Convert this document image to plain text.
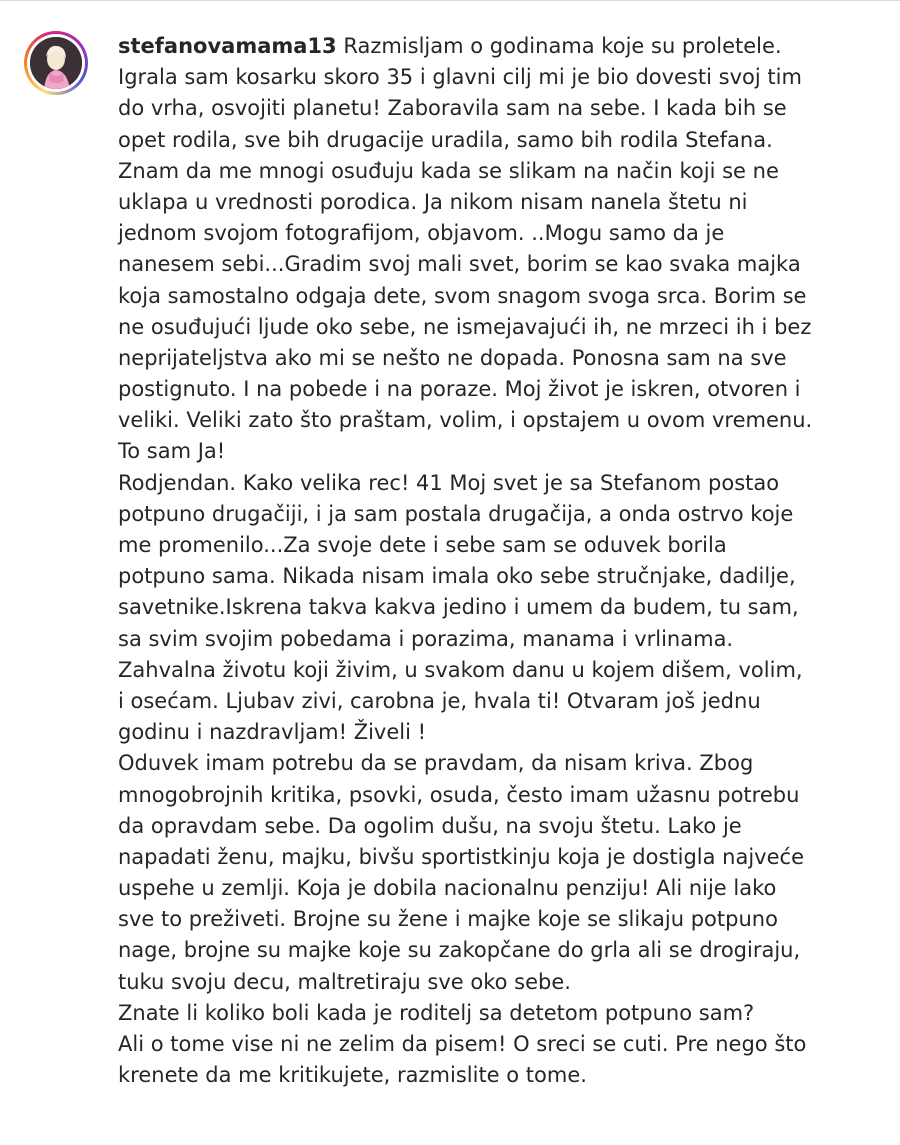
stefanovamama13 Razmisljam o godinama koje su proletele.
Igrala sam kosarku skoro 35 i glavni cilj mi je bio dovesti svoj tim
do vrha, osvojiti planetu! Zaboravila sam na sebe. I kada bih se
opet rodila, sve bih drugacije uradila, samo bih rodila Stefana.
Znam da me mnogi osuđuju kada se slikam na način koji se ne
uklapa u vrednosti porodica. Ja nikom nisam nanela štetu ni
jednom svojom fotografijom, objavom. ..Mogu samo da je
nanesem sebi...Gradim svoj mali svet, borim se kao svaka majka
koja samostalno odgaja dete, svom snagom svoga srca. Borim se
ne osuđujući ljude oko sebe, ne ismejavajući ih, ne mrzeci ih i bez
neprijateljstva ako mi se nešto ne dopada. Ponosna sam na sve
postignuto. I na pobede i na poraze. Moj život je iskren, otvoren i
veliki. Veliki zato što praštam, volim, i opstajem u ovom vremenu.
To sam Ja!
Rodjendan. Kako velika rec! 41 Moj svet je sa Stefanom postao
potpuno drugačiji, i ja sam postala drugačija, a onda ostrvo koje
me promenilo...Za svoje dete i sebe sam se oduvek borila
potpuno sama. Nikada nisam imala oko sebe stručnjake, dadilje,
savetnike.Iskrena takva kakva jedino i umem da budem, tu sam,
sa svim svojim pobedama i porazima, manama i vrlinama.
Zahvalna životu koji živim, u svakom danu u kojem dišem, volim,
i osećam. Ljubav zivi, carobna je, hvala ti! Otvaram još jednu
godinu i nazdravljam! Živeli !
Oduvek imam potrebu da se pravdam, da nisam kriva. Zbog
mnogobrojnih kritika, psovki, osuda, često imam užasnu potrebu
da opravdam sebe. Da ogolim dušu, na svoju štetu. Lako je
napadati ženu, majku, bivšu sportistkinju koja je dostigla najveće
uspehe u zemlji. Koja je dobila nacionalnu penziju! Ali nije lako
sve to preživeti. Brojne su žene i majke koje se slikaju potpuno
nage, brojne su majke koje su zakopčane do grla ali se drogiraju,
tuku svoju decu, maltretiraju sve oko sebe.
Znate li koliko boli kada je roditelj sa detetom potpuno sam?
Ali o tome vise ni ne zelim da pisem! O sreci se cuti. Pre nego što
krenete da me kritikujete, razmislite o tome.
